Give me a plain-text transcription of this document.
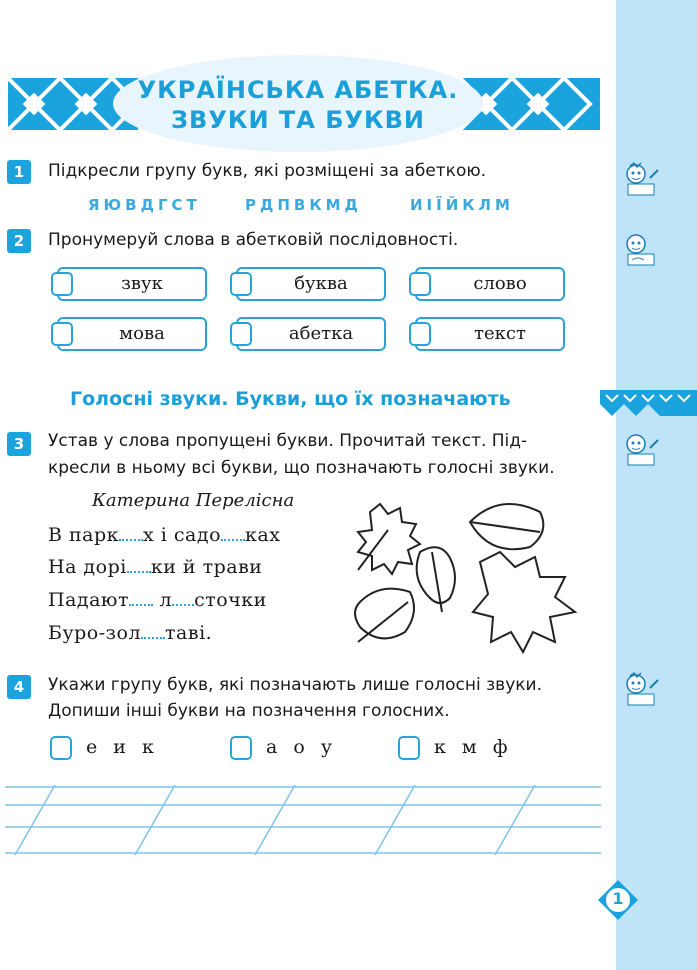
УКРАЇНСЬКА АБЕТКА.
ЗВУКИ ТА БУКВИ
1	Підкресли групу букв, які розміщені за абеткою.
ЯЮВДГСТ	РДПВКМД	ИІЇЙКЛМ
2	Пронумеруй слова в абетковій послідовності.
звук	буква	слово
мова	абетка	текст
Голосні звуки. Букви, що їх позначають
3	Устав у слова пропущені букви. Прочитай текст. Під-
кресли в ньому всі букви, що позначають голосні звуки.
Катерина Перелісна
В парк х і садо ках
На дорі ки й трави
Падают л сточки
Буро-зол таві.
4	Укажи групу букв, які позначають лише голосні звуки.
Допиши інші букви на позначення голосних.
е и к	а о у	к м ф
1
